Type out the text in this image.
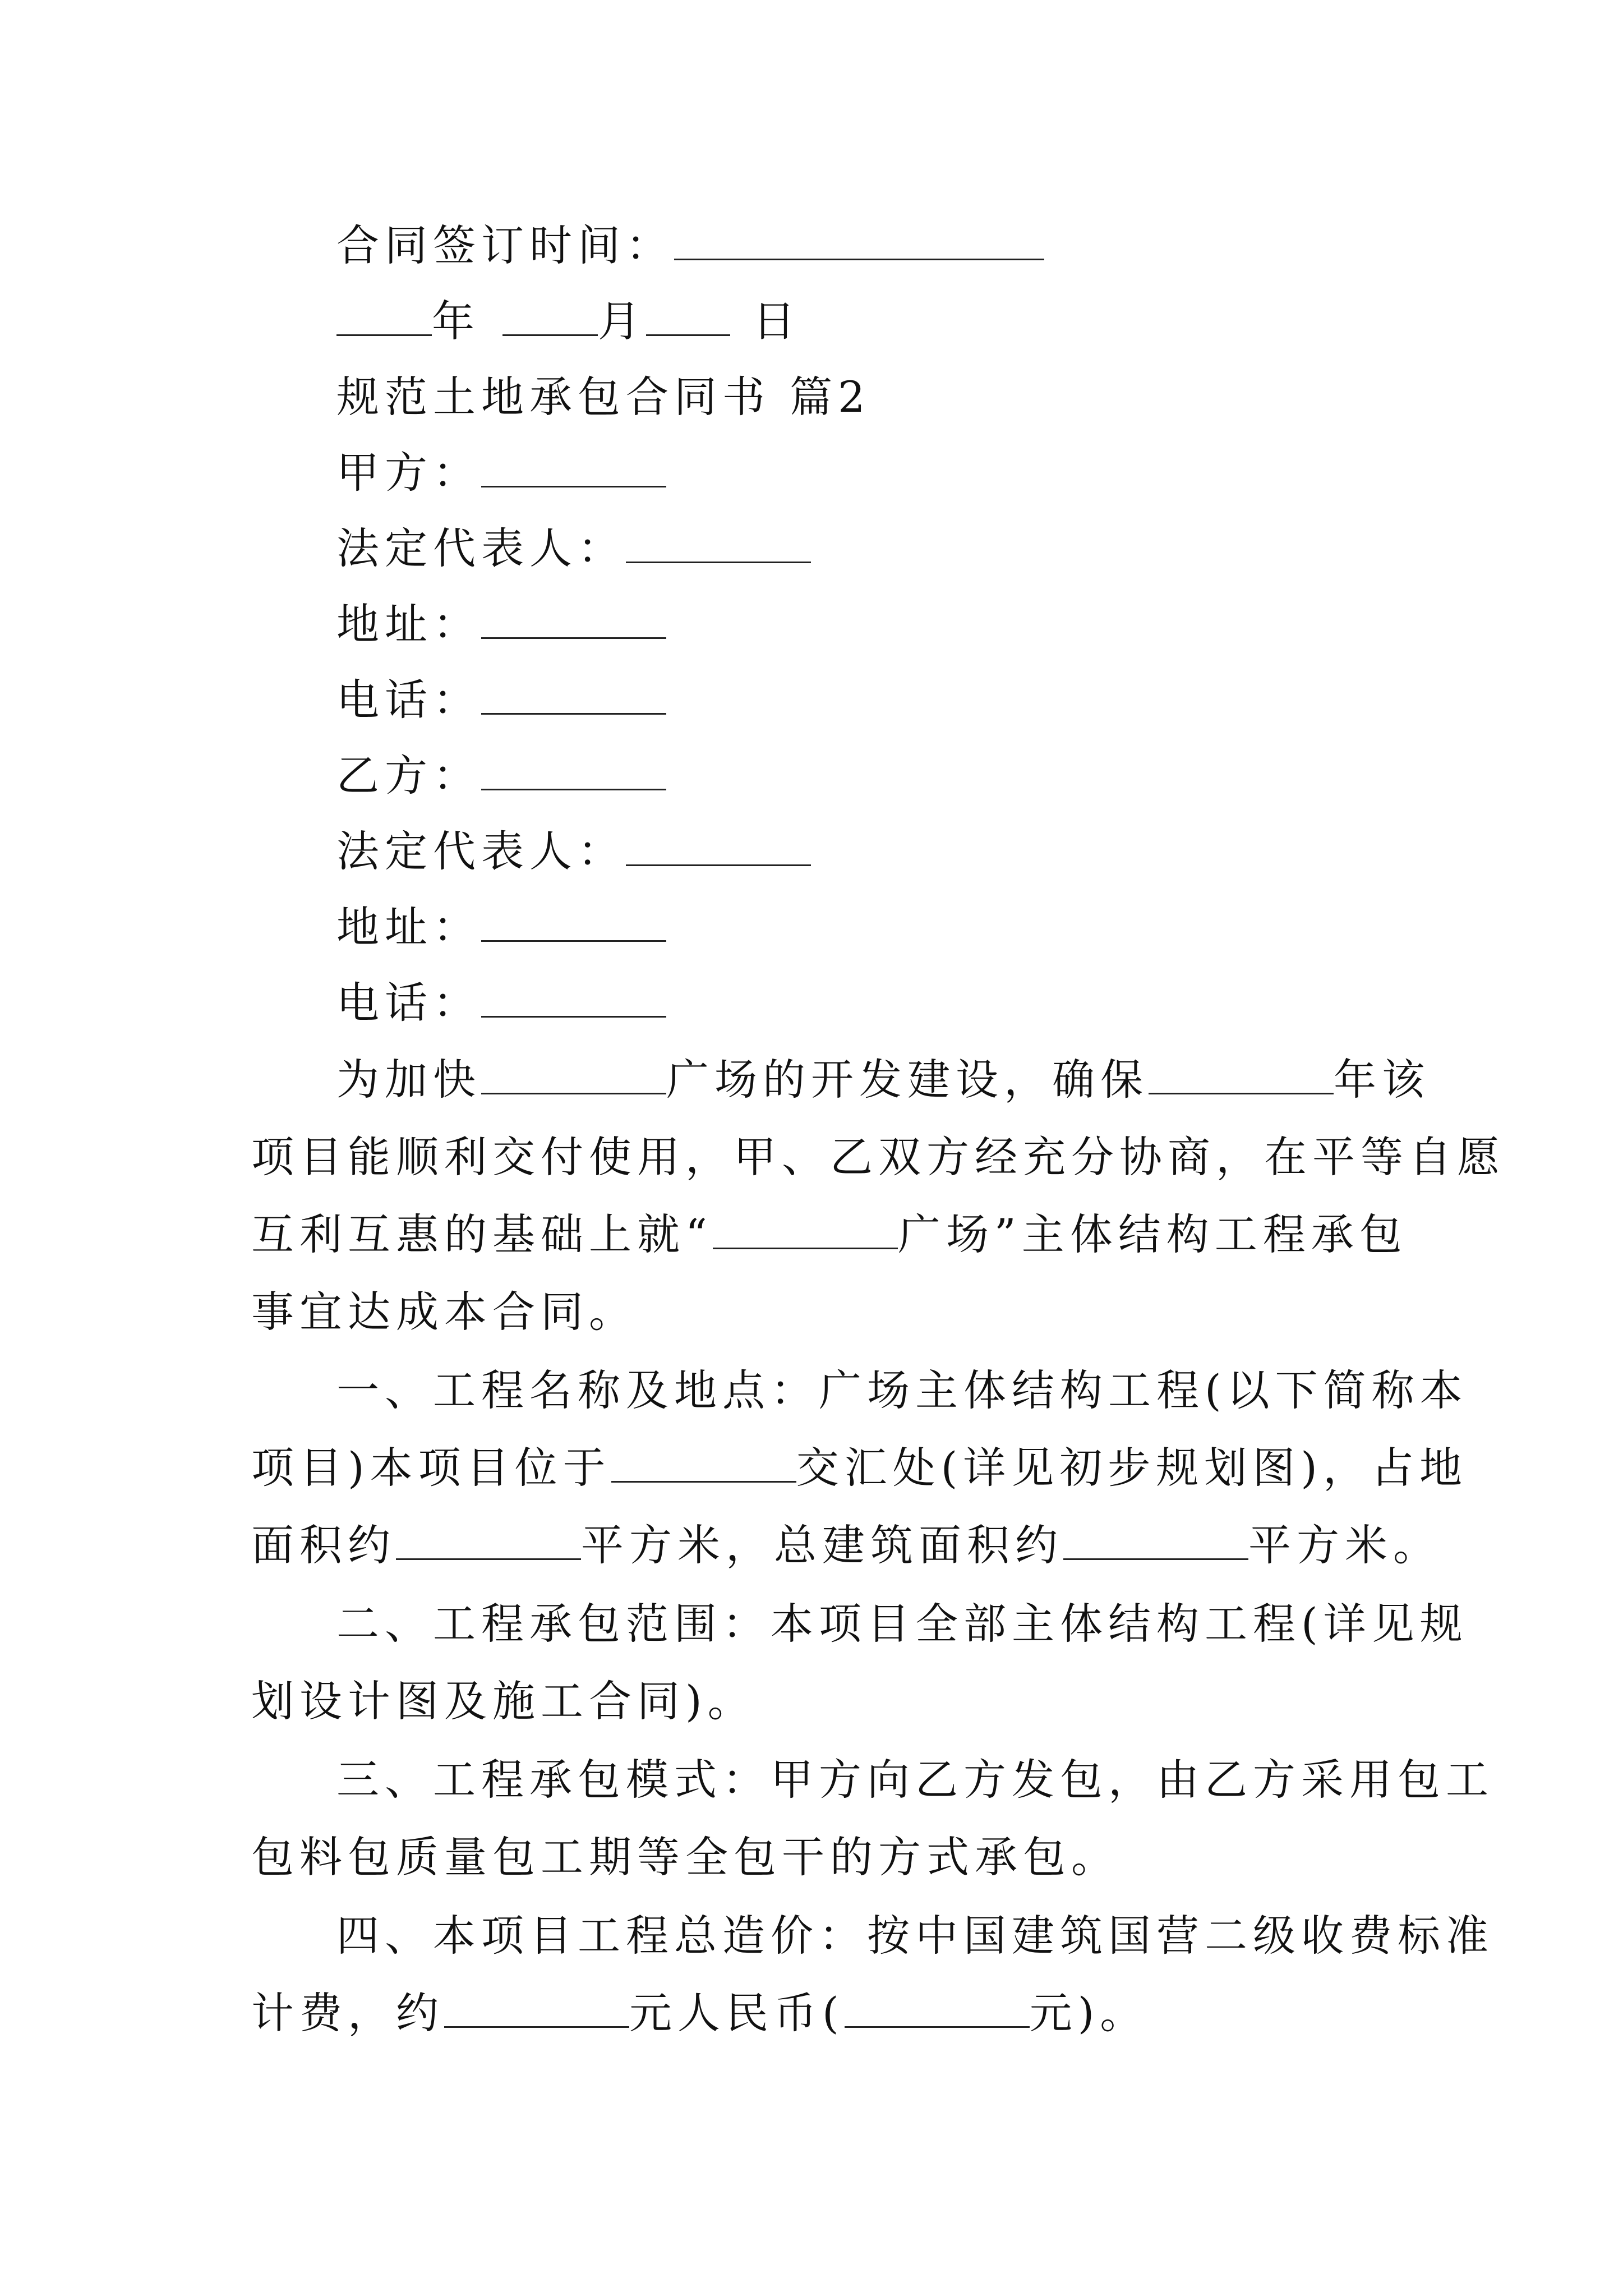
合同签订时间：
年	月	日
规范土地承包合同书 篇2
甲方：
法定代表人：
地址：
电话：
乙方：
法定代表人：
地址：
电话：
为加快	广场的开发建设，确保	年该
项目能顺利交付使用，甲、乙双方经充分协商，在平等自愿
互利互惠的基础上就“	广场”主体结构工程承包
事宜达成本合同。
一、工程名称及地点：广场主体结构工程(以下简称本
项目)本项目位于	交汇处(详见初步规划图)，占地
面积约	平方米，总建筑面积约	平方米。
二、工程承包范围：本项目全部主体结构工程(详见规
划设计图及施工合同)。
三、工程承包模式：甲方向乙方发包，由乙方采用包工
包料包质量包工期等全包干的方式承包。
四、本项目工程总造价：按中国建筑国营二级收费标准
计费，约	元人民币(	元)。
